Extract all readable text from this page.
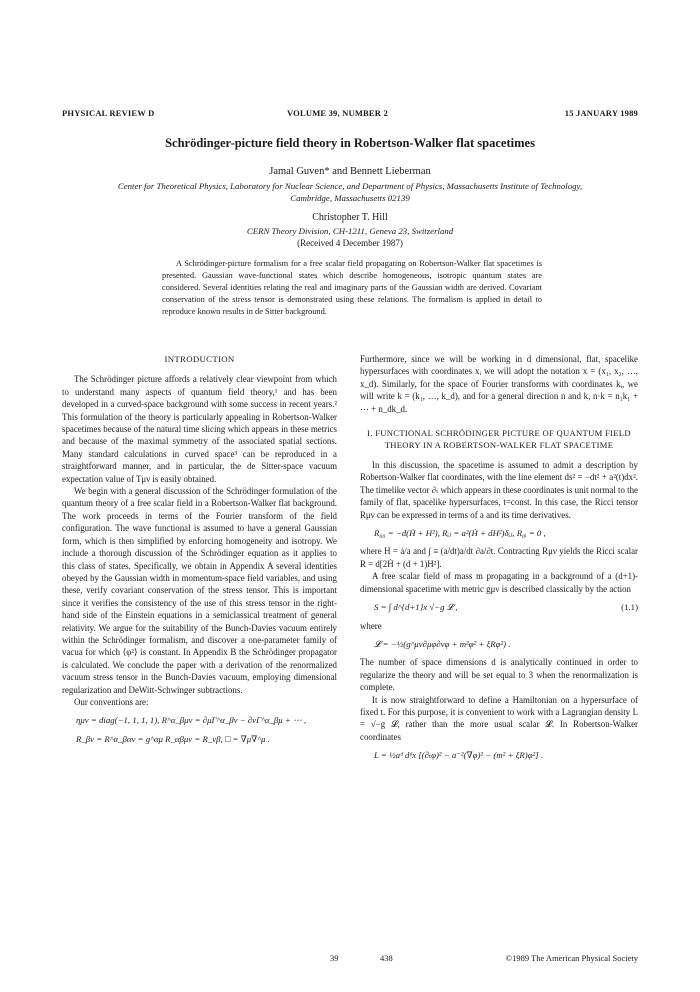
PHYSICAL REVIEW D	VOLUME 39, NUMBER 2	15 JANUARY 1989
Schrödinger-picture field theory in Robertson-Walker flat spacetimes
Jamal Guven* and Bennett Lieberman
Center for Theoretical Physics, Laboratory for Nuclear Science, and Department of Physics, Massachusetts Institute of Technology, Cambridge, Massachusetts 02139
Christopher T. Hill
CERN Theory Division, CH-1211, Geneva 23, Switzerland
(Received 4 December 1987)

A Schrödinger-picture formalism for a free scalar field propagating on Robertson-Walker flat spacetimes is presented. Gaussian wave-functional states which describe homogeneous, isotropic quantum states are considered. Several identities relating the real and imaginary parts of the Gaussian width are derived. Covariant conservation of the stress tensor is demonstrated using these relations. The formalism is applied in detail to reproduce known results in de Sitter background.

INTRODUCTION

The Schrödinger picture affords a relatively clear viewpoint from which to understand many aspects of quantum field theory,¹ and has been developed in a curved-space background with some success in recent years.² This formulation of the theory is particularly appealing in Robertson-Walker spacetimes because of the natural time slicing which appears in these metrics and because of the maximal symmetry of the associated spatial sections. Many standard calculations in curved space³ can be reproduced in a straightforward manner, and in particular, the de Sitter-space vacuum expectation value of Tμν is easily obtained.

We begin with a general discussion of the Schrödinger formulation of the quantum theory of a free scalar field in a Robertson-Walker flat background. The work proceeds in terms of the Fourier transform of the field configuration. The wave functional is assumed to have a general Gaussian form, which is then simplified by enforcing homogeneity and isotropy. We include a thorough discussion of the Schrödinger equation as it applies to this class of states. Specifically, we obtain in Appendix A several identities obeyed by the Gaussian width in momentum-space field variables, and using these, verify covariant conservation of the stress tensor. This is important since it verifies the consistency of the use of this stress tensor in the right-hand side of the Einstein equations in a semiclassical treatment of general relativity. We argue for the suitability of the Bunch-Davies vacuum entirely within the Schrödinger formalism, and discover a one-parameter family of vacua for which ⟨φ²⟩ is constant. In Appendix B the Schrödinger propagator is calculated. We conclude the paper with a derivation of the renormalized vacuum stress tensor in the Bunch-Davies vacuum, employing dimensional regularization and DeWitt-Schwinger subtractions.

Our conventions are:

ημν = diag(−1, 1, 1, 1), R^α_βμν = ∂μΓ^α_βν − ∂νΓ^α_βμ + ⋯ ,
R_βν = R^α_βαν = g^αμ R_αβμν = R_νβ, □ = ∇μ∇^μ .

Furthermore, since we will be working in d dimensional, flat, spacelike hypersurfaces with coordinates xᵢ we will adopt the notation x = (x₁, x₂, …, x_d). Similarly, for the space of Fourier transforms with coordinates kᵢ, we will write k = (k₁, …, k_d), and for a general direction n and k, n·k = n₁k₁ + ⋯ + n_dk_d.

I. FUNCTIONAL SCHRÖDINGER PICTURE OF QUANTUM FIELD THEORY IN A ROBERTSON-WALKER FLAT SPACETIME

In this discussion, the spacetime is assumed to admit a description by Robertson-Walker flat coordinates, with the line element ds² = −dt² + a²(t)dx². The timelike vector ∂ₜ which appears in these coordinates is unit normal to the family of flat, spacelike hypersurfaces, t=const. In this case, the Ricci tensor Rμν can be expressed in terms of a and its time derivatives.

R₀₀ = −d(Ḣ + H²), Rᵢⱼ = a²(Ḣ + dH²)δᵢⱼ, R₀ᵢ = 0 ,

where H = ȧ/a and ∫ ≡ (a/dt)a/dt ∂a/∂t. Contracting Rμν yields the Ricci scalar R = d[2Ḣ + (d + 1)H²].

A free scalar field of mass m propagating in a background of a (d+1)-dimensional spacetime with metric gμν is described classically by the action

S = ∫ d^{d+1}x √−g 𝓛 ,	(1.1)

where

𝓛 = −½(g^μν∂μφ∂νφ + m²φ² + ξRφ²) .

The number of space dimensions d is analytically continued in order to regularize the theory and will be set equal to 3 when the renormalization is complete.

It is now straightforward to define a Hamiltonian on a hypersurface of fixed t. For this purpose, it is convenient to work with a Lagrangian density L = √−g 𝓛, rather than the more usual scalar 𝓛. In Robertson-Walker coordinates

L = ½aᵈ dᵈx [(∂ₜφ)² − a⁻²(∇φ)² − (m² + ξR)φ²] .
39	438	©1989 The American Physical Society
